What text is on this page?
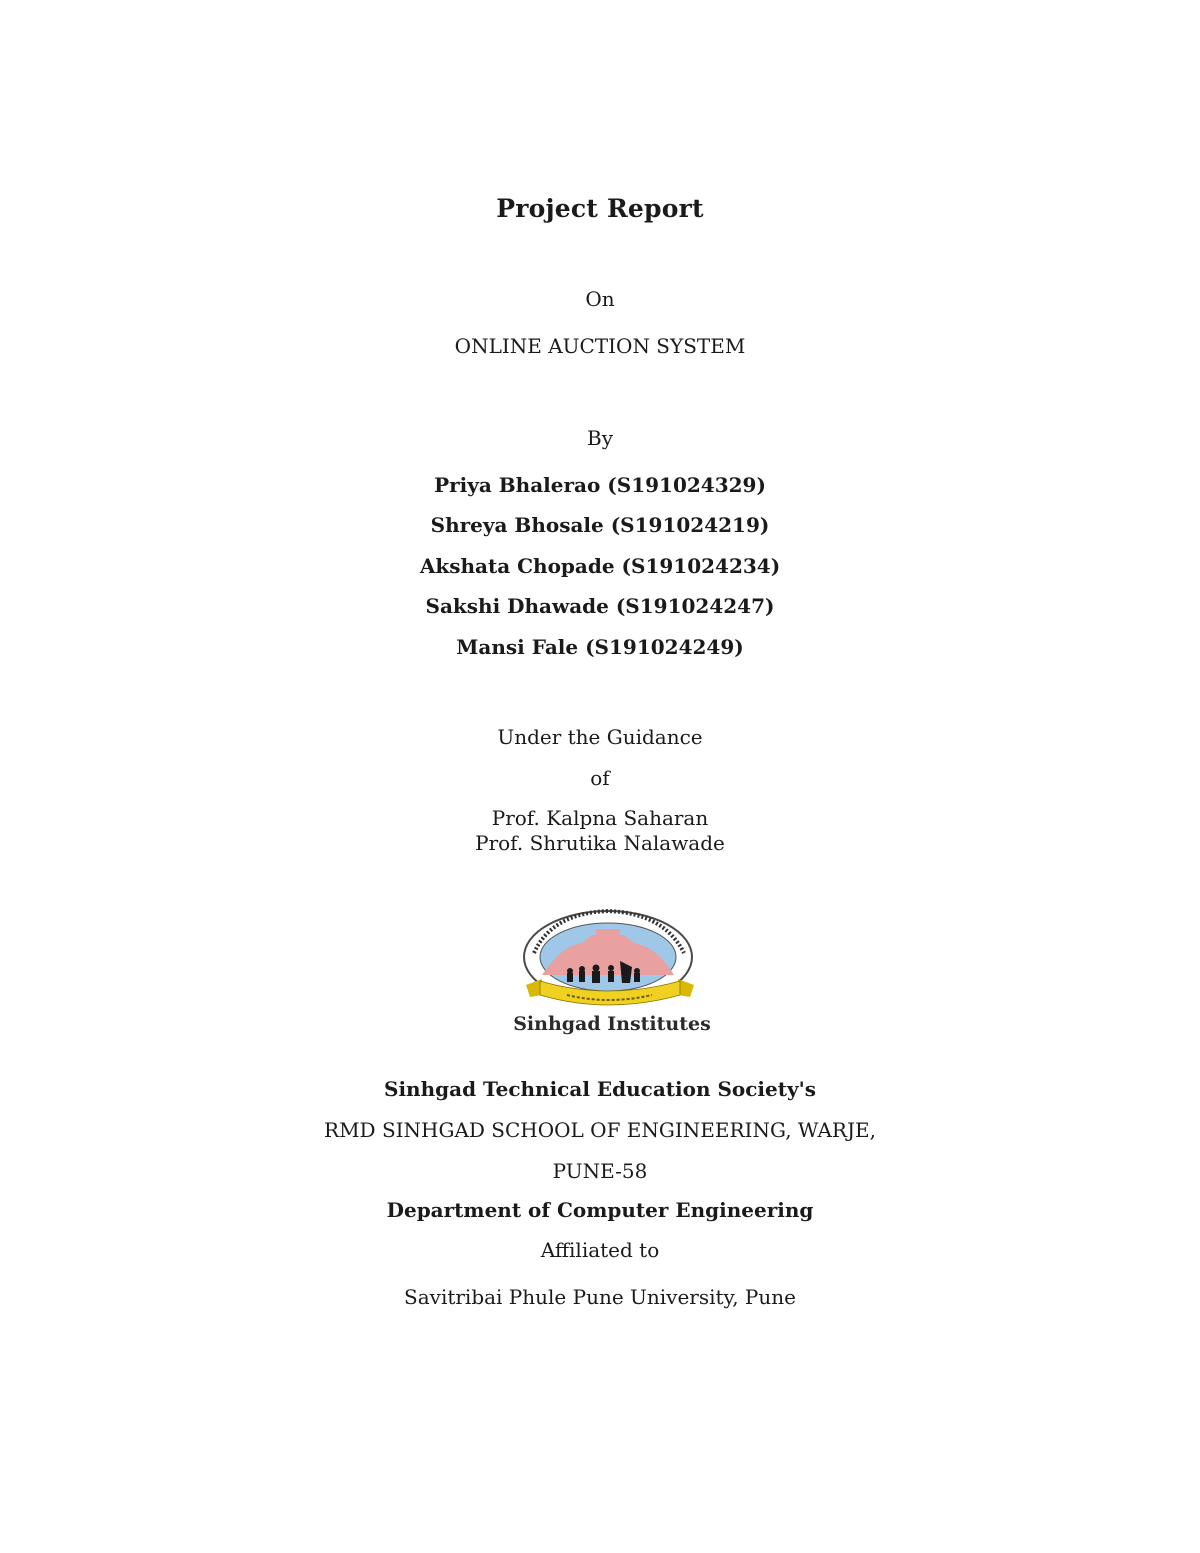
Project Report
On
ONLINE AUCTION SYSTEM
By
Priya Bhalerao (S191024329)
Shreya Bhosale (S191024219)
Akshata Chopade (S191024234)
Sakshi Dhawade (S191024247)
Mansi Fale (S191024249)
Under the Guidance
of
Prof. Kalpna Saharan
Prof. Shrutika Nalawade
Sinhgad Institutes
Sinhgad Technical Education Society's
RMD SINHGAD SCHOOL OF ENGINEERING, WARJE,
PUNE-58
Department of Computer Engineering
Affiliated to
Savitribai Phule Pune University, Pune
